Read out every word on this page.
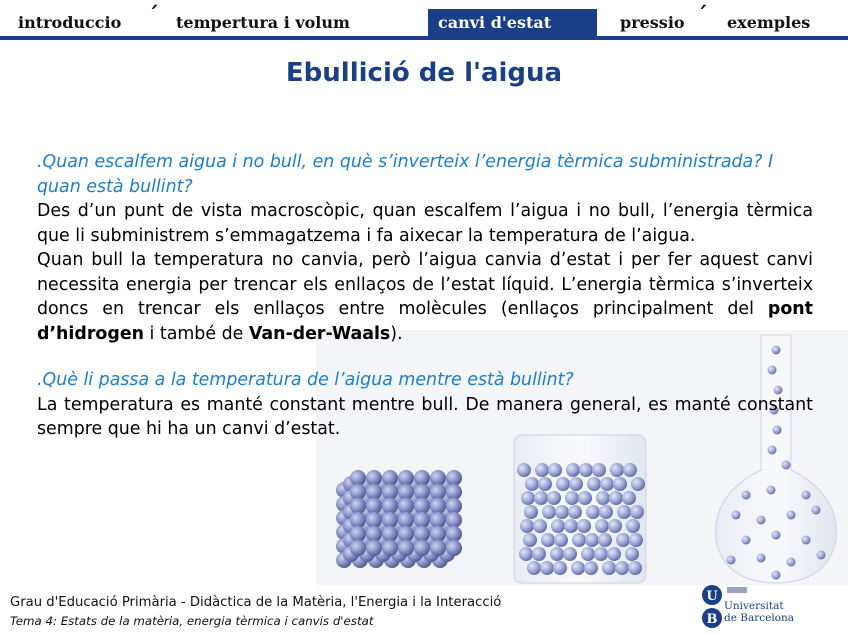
introduccio ´ tempertura i volum	canvi d'estat	pressio ´ exemples
Ebullició de l'aigua
.Quan escalfem aigua i no bull, en què s’inverteix l’energia tèrmica subministrada? I quan està bullint?
Des d’un punt de vista macroscòpic, quan escalfem l’aigua i no bull, l’energia tèrmica que li subministrem s’emmagatzema i fa aixecar la temperatura de l’aigua.
Quan bull la temperatura no canvia, però l’aigua canvia d’estat i per fer aquest canvi necessita energia per trencar els enllaços de l’estat líquid. L’energia tèrmica s’inverteix doncs en trencar els enllaços entre molècules (enllaços principalment del pont d’hidrogen i també de Van-der-Waals).
.Què li passa a la temperatura de l’aigua mentre està bullint?
La temperatura es manté constant mentre bull. De manera general, es manté constant sempre que hi ha un canvi d’estat.
Grau d'Educació Primària - Didàctica de la Matèria, l'Energia i la Interacció
Tema 4: Estats de la matèria, energia tèrmica i canvis d'estat
U
B
Universitat
de Barcelona
